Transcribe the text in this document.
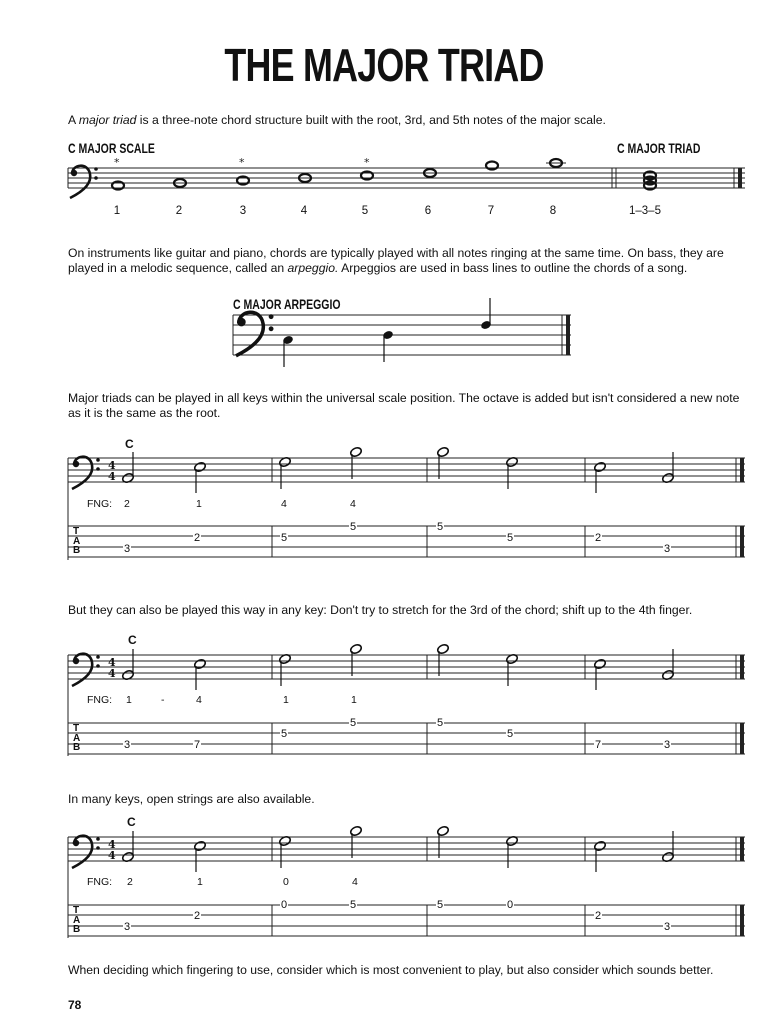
THE MAJOR TRIAD
A major triad is a three-note chord structure built with the root, 3rd, and 5th notes of the major scale.
C MAJOR SCALE	C MAJOR TRIAD
1	2	3	4	5	6	7	8	1–3–5
On instruments like guitar and piano, chords are typically played with all notes ringing at the same time. On bass, they are played in a melodic sequence, called an arpeggio. Arpeggios are used in bass lines to outline the chords of a song.
C MAJOR ARPEGGIO
Major triads can be played in all keys within the universal scale position. The octave is added but isn't considered a new note as it is the same as the root.
C
FNG: 2	1	4	4
But they can also be played this way in any key: Don't try to stretch for the 3rd of the chord; shift up to the 4th finger.
C
FNG: 1	-	4	1	1
In many keys, open strings are also available.
C
FNG: 2	1	0	4
When deciding which fingering to use, consider which is most convenient to play, but also consider which sounds better.
78
*	*	*
4
4
4
4
4
4
T
A
B
T
A
B
T
A
B
3
2	5
5	5
5	2
3
3	7
5
5	5
5
7	3
3
2
0	5	5	0
2
3
